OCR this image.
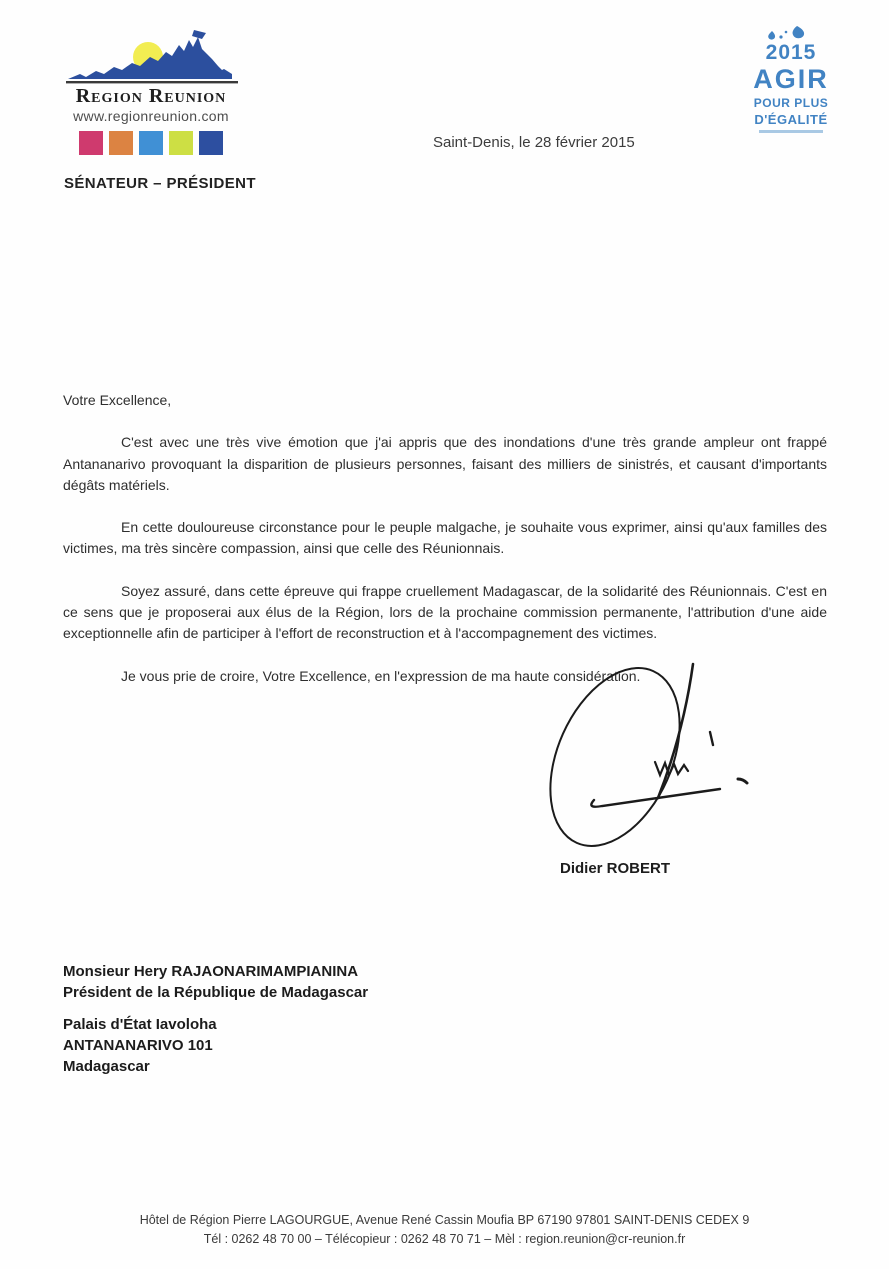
Region Reunion
www.regionreunion.com
SÉNATEUR – PRÉSIDENT
Saint-Denis, le 28 février 2015
2015
AGIR
POUR PLUS
D'ÉGALITÉ
Votre Excellence,

C'est avec une très vive émotion que j'ai appris que des inondations d'une très grande ampleur ont frappé Antananarivo provoquant la disparition de plusieurs personnes, faisant des milliers de sinistrés, et causant d'importants dégâts matériels.

En cette douloureuse circonstance pour le peuple malgache, je souhaite vous exprimer, ainsi qu'aux familles des victimes, ma très sincère compassion, ainsi que celle des Réunionnais.

Soyez assuré, dans cette épreuve qui frappe cruellement Madagascar, de la solidarité des Réunionnais. C'est en ce sens que je proposerai aux élus de la Région, lors de la prochaine commission permanente, l'attribution d'une aide exceptionnelle afin de participer à l'effort de reconstruction et à l'accompagnement des victimes.

Je vous prie de croire, Votre Excellence, en l'expression de ma haute considération.

Didier ROBERT
Monsieur Hery RAJAONARIMAMPIANINA
Président de la République de Madagascar
Palais d'État Iavoloha
ANTANANARIVO 101
Madagascar
Hôtel de Région Pierre LAGOURGUE, Avenue René Cassin Moufia BP 67190 97801 SAINT-DENIS CEDEX 9
Tél : 0262 48 70 00 – Télécopieur : 0262 48 70 71 – Mèl : region.reunion@cr-reunion.fr
